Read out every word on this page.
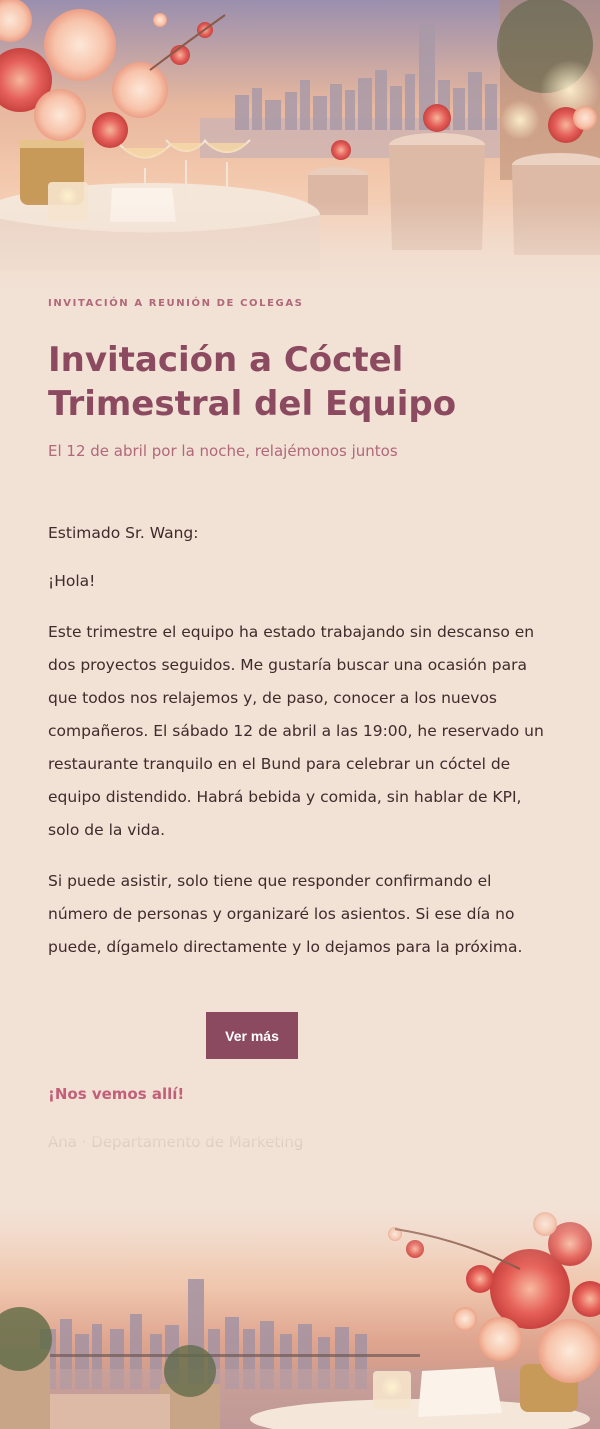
INVITACIÓN A REUNIÓN DE COLEGAS
Invitación a Cóctel Trimestral del Equipo
El 12 de abril por la noche, relajémonos juntos

Estimado Sr. Wang:

¡Hola!

Este trimestre el equipo ha estado trabajando sin descanso en dos proyectos seguidos. Me gustaría buscar una ocasión para que todos nos relajemos y, de paso, conocer a los nuevos compañeros. El sábado 12 de abril a las 19:00, he reservado un restaurante tranquilo en el Bund para celebrar un cóctel de equipo distendido. Habrá bebida y comida, sin hablar de KPI, solo de la vida.

Si puede asistir, solo tiene que responder confirmando el número de personas y organizaré los asientos. Si ese día no puede, dígamelo directamente y lo dejamos para la próxima.

Ver más
¡Nos vemos allí!
